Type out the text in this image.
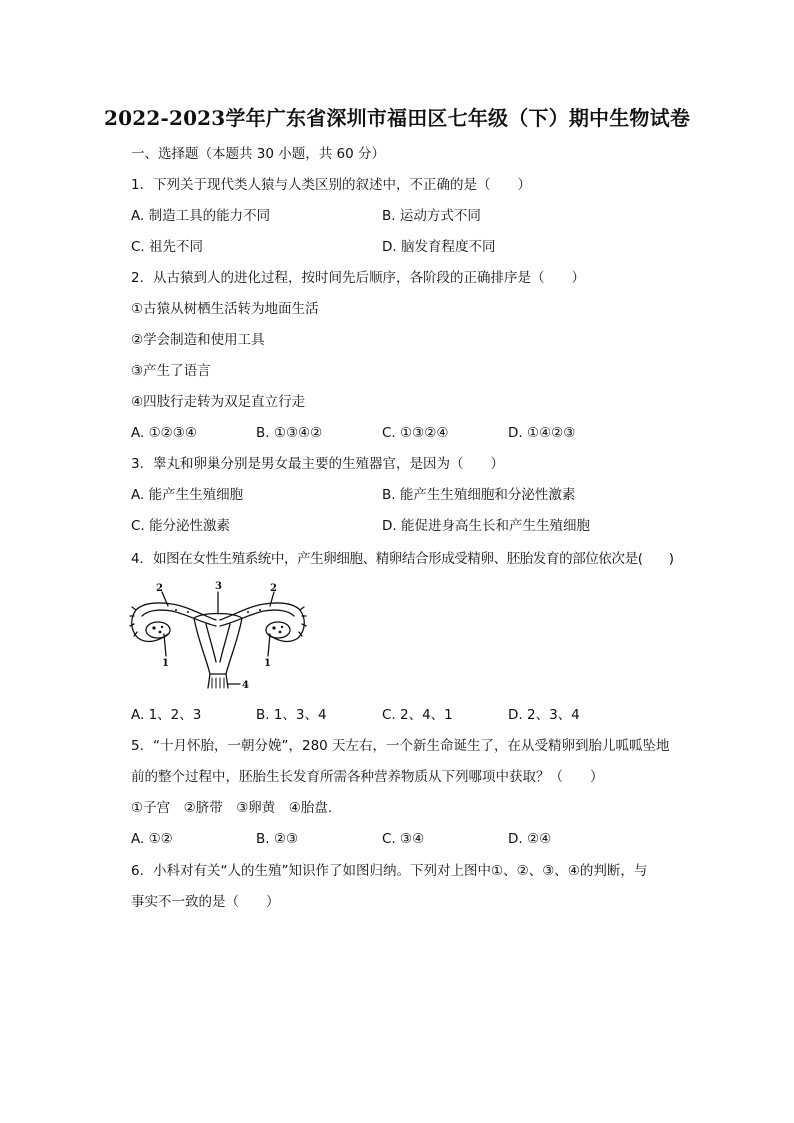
2022-2023学年广东省深圳市福田区七年级（下）期中生物试卷
一、选择题（本题共 30 小题，共 60 分）
1. 下列关于现代类人猿与人类区别的叙述中，不正确的是（　　）
A. 制造工具的能力不同	B. 运动方式不同
C. 祖先不同	D. 脑发育程度不同
2. 从古猿到人的进化过程，按时间先后顺序，各阶段的正确排序是（　　）
①古猿从树栖生活转为地面生活
②学会制造和使用工具
③产生了语言
④四肢行走转为双足直立行走
A. ①②③④	B. ①③④②	C. ①③②④	D. ①④②③
3. 睾丸和卵巢分别是男女最主要的生殖器官，是因为（　　）
A. 能产生生殖细胞	B. 能产生生殖细胞和分泌性激素
C. 能分泌性激素	D. 能促进身高生长和产生生殖细胞
4. 如图在女性生殖系统中，产生卵细胞、精卵结合形成受精卵、胚胎发育的部位依次是(　　)
2	3	2
1	1
4
A. 1、2、3	B. 1、3、4	C. 2、4、1	D. 2、3、4
5. “十月怀胎，一朝分娩”，280 天左右，一个新生命诞生了，在从受精卵到胎儿呱呱坠地
前的整个过程中，胚胎生长发育所需各种营养物质从下列哪项中获取？（　　）
①子宫　②脐带　③卵黄　④胎盘.
A. ①②	B. ②③	C. ③④	D. ②④
6. 小科对有关“人的生殖”知识作了如图归纳。下列对上图中①、②、③、④的判断，与
事实不一致的是（　　）
